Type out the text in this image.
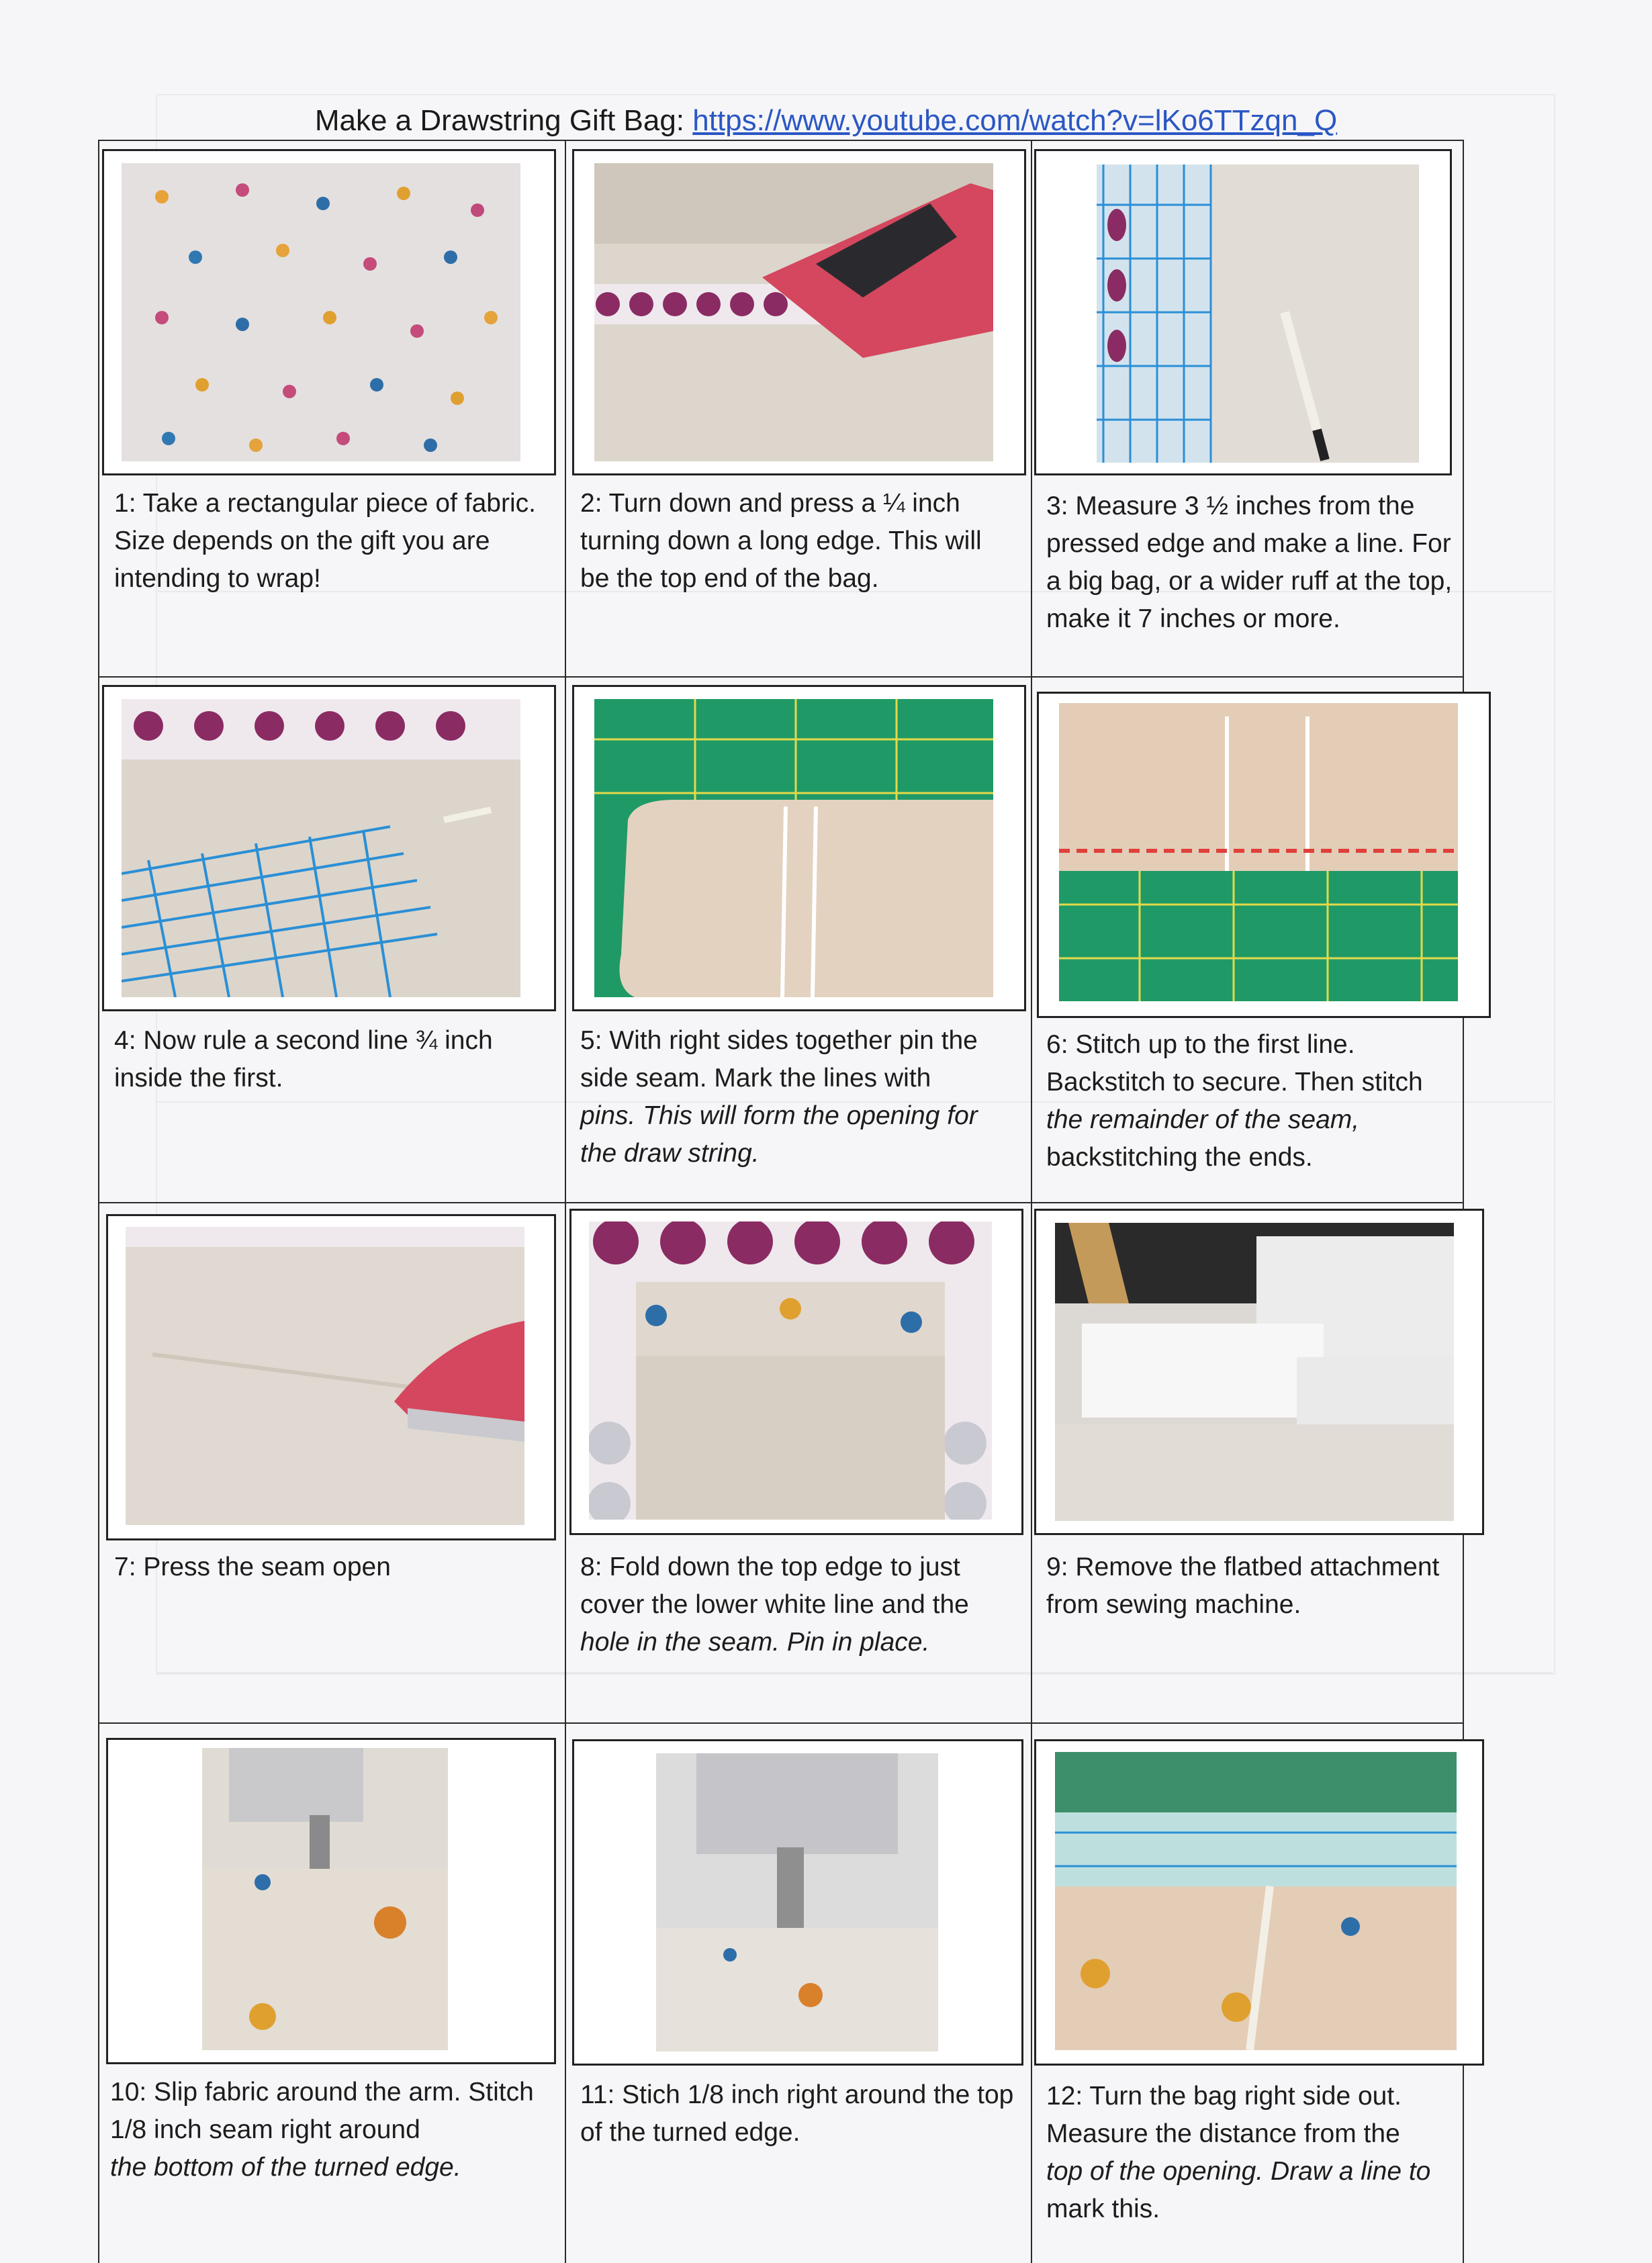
Make a Drawstring Gift Bag: https://www.youtube.com/watch?v=lKo6TTzqn_Q

1: Take a rectangular piece of fabric. Size depends on the gift you are intending to wrap!

2: Turn down and press a ¼ inch turning down a long edge. This will be the top end of the bag.

3: Measure 3 ½ inches from the pressed edge and make a line. For a big bag, or a wider ruff at the top, make it 7 inches or more.

4: Now rule a second line ¾ inch inside the first.

5: With right sides together pin the side seam. Mark the lines with

pins. This will form the opening for the draw string.

6: Stitch up to the first line. Backstitch to secure. Then stitch

the remainder of the seam,

backstitching the ends.

7: Press the seam open	8: Fold down the top edge to just cover the lower white line and the

hole in the seam. Pin in place.

9: Remove the flatbed attachment from sewing machine.

10: Slip fabric around the arm. Stitch 1/8 inch seam right around

the bottom of the turned edge.

11: Stich 1/8 inch right around the top of the turned edge.

12: Turn the bag right side out. Measure the distance from the

top of the opening. Draw a line to

mark this.
